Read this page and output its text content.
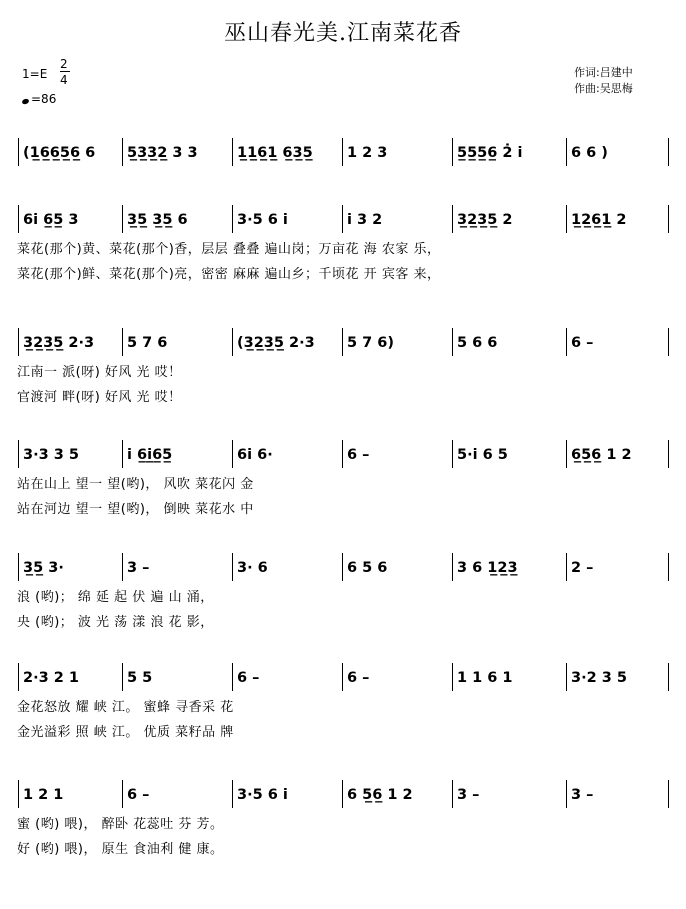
巫山春光美.江南菜花香
1=E
2
4
=86
作词:吕建中
作曲:吴思梅
(1̲6̲6̲5̲6̲ 6	5̲3̲3̲2̲ 3 3	1̲1̲6̲1̲ 6̲3̲5̲	1 2 3	5̲5̲5̲6̲ 2̇ i	6 6 )
6i 6̲5̲ 3	3̲5̲ 3̲5̲ 6	3·5 6 i	i 3 2	3̲2̲3̲5̲ 2	1̲2̲6̲1̲ 2
菜花(那个)黄、菜花(那个)香，层层 叠叠 遍山岗；万亩花 海 农家 乐，
菜花(那个)鲜、菜花(那个)亮，密密 麻麻 遍山乡；千顷花 开 宾客 来，
3̲2̲3̲5̲ 2·3	5 7 6	(3̲2̲3̲5̲ 2·3	5 7 6)	5 6 6	6 –
江南一 派(呀) 好风 光 哎！
官渡河 畔(呀) 好风 光 哎！
3·3 3 5	i 6̲i̲6̲5̲	6i 6·	6 –	5·i 6 5	6̲5̲6̲ 1 2
站在山上 望一 望(哟)， 风吹 菜花闪 金
站在河边 望一 望(哟)， 倒映 菜花水 中
3̲5̲ 3·	3 –	3· 6	6 5 6	3 6 1̲2̲3̲	2 –
浪 (哟)； 绵 延 起 伏 遍 山 涌，
央 (哟)； 波 光 荡 漾 浪 花 影，
2·3 2 1	5 5	6 –	6 –	1 1 6 1	3·2 3 5
金花怒放 耀 峡 江。 蜜蜂 寻香采 花
金光溢彩 照 峡 江。 优质 菜籽品 牌
1 2 1	6 –	3·5 6 i	6 5̲6̲ 1 2	3 –	3 –
蜜 (哟) 喂)， 醉卧 花蕊吐 芬 芳。
好 (哟) 喂)， 原生 食油利 健 康。
